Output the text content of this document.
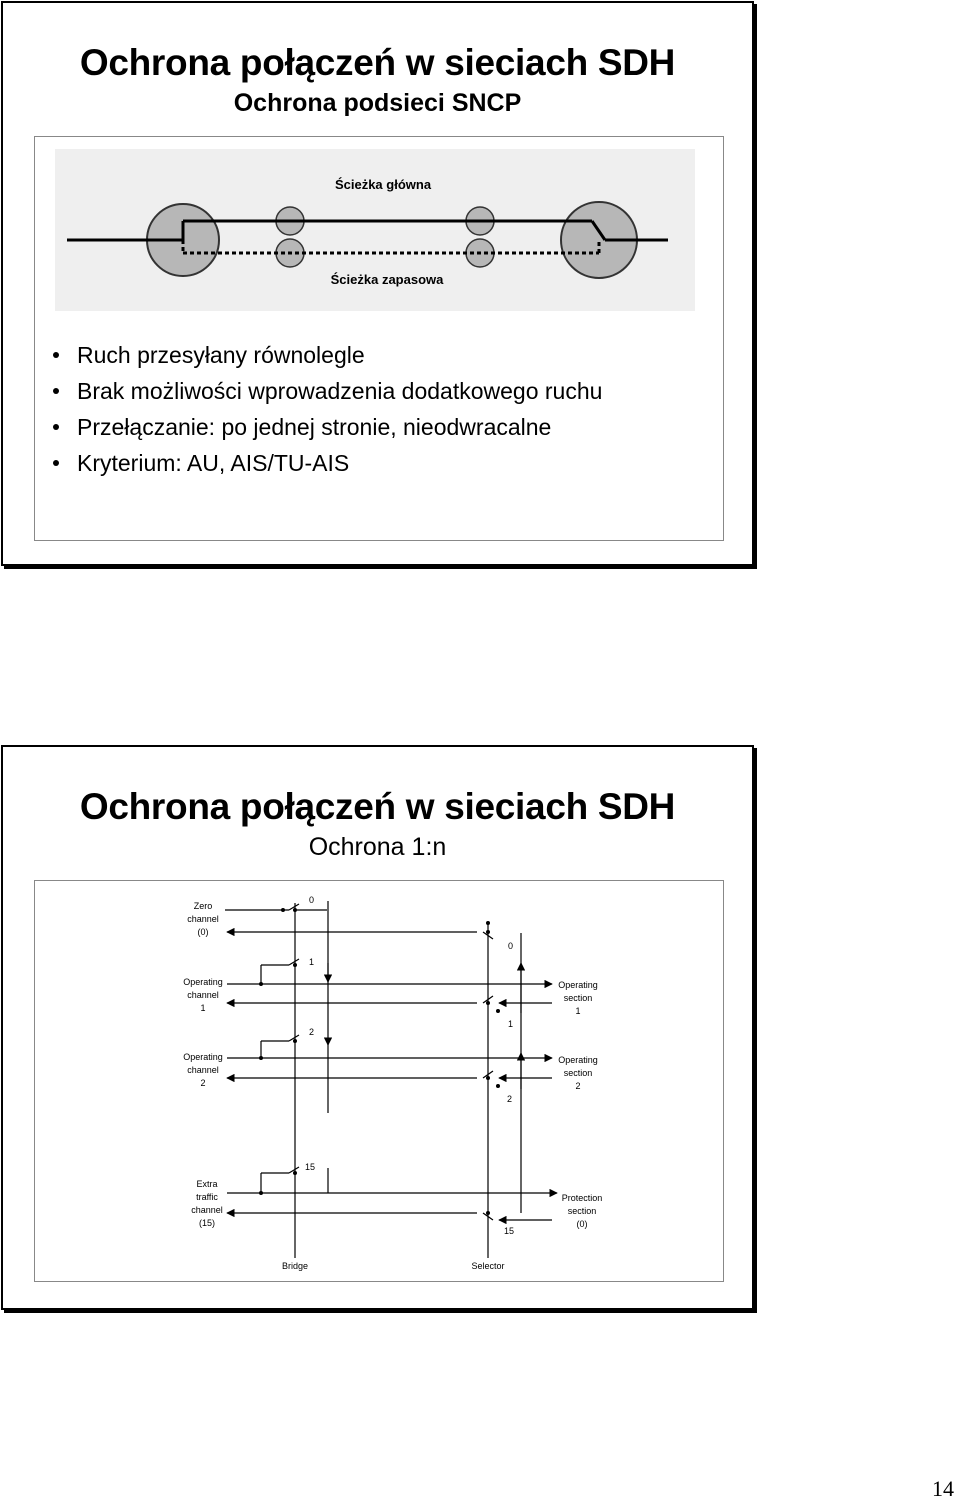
Ochrona połączeń w sieciach SDH
Ochrona podsieci SNCP
Ścieżka główna
Ścieżka zapasowa
Ruch przesyłany równolegle
Brak możliwości wprowadzenia dodatkowego ruchu
Przełączanie: po jednej stronie, nieodwracalne
Kryterium: AU, AIS/TU-AIS
Ochrona połączeń w sieciach SDH
Ochrona 1:n
Zero
channel
(0)
Operating
channel
1
Operating
channel
2
Extra
traffic
channel
(15)
Operating
section
1
Operating
section
2
Protection
section
(0)
0
1
2
15
0
1
2
15
Bridge	Selector
14
